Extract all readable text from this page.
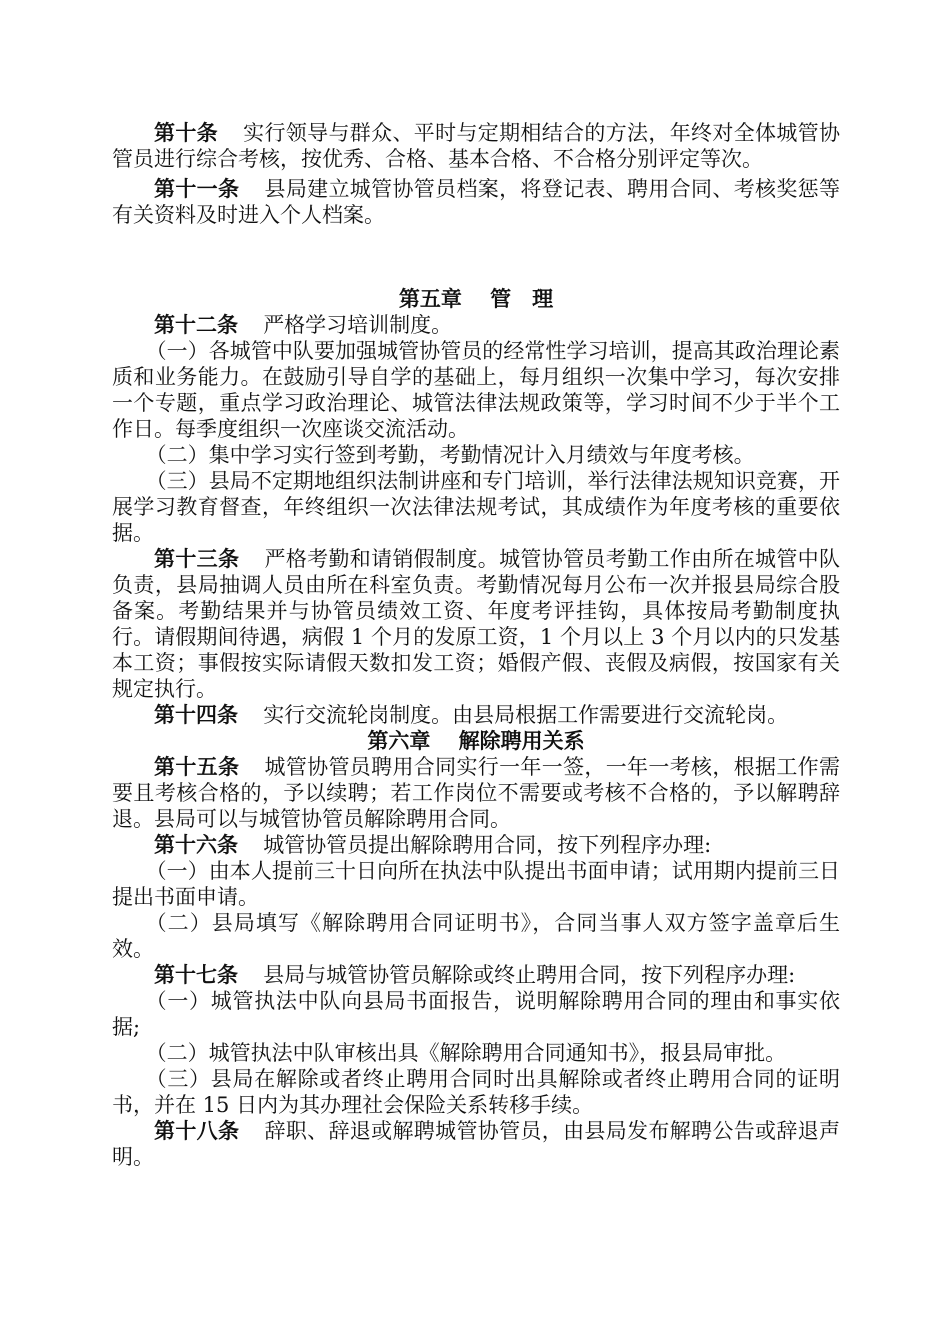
第十条 实行领导与群众、平时与定期相结合的方法，年终对全体城管协管员进行综合考核，按优秀、合格、基本合格、不合格分别评定等次。

第十一条 县局建立城管协管员档案，将登记表、聘用合同、考核奖惩等有关资料及时进入个人档案。

第五章　 管　理

第十二条 严格学习培训制度。

（一）各城管中队要加强城管协管员的经常性学习培训，提高其政治理论素质和业务能力。在鼓励引导自学的基础上，每月组织一次集中学习，每次安排一个专题，重点学习政治理论、城管法律法规政策等，学习时间不少于半个工作日。每季度组织一次座谈交流活动。

（二）集中学习实行签到考勤，考勤情况计入月绩效与年度考核。

（三）县局不定期地组织法制讲座和专门培训，举行法律法规知识竞赛，开展学习教育督查，年终组织一次法律法规考试，其成绩作为年度考核的重要依据。

第十三条 严格考勤和请销假制度。城管协管员考勤工作由所在城管中队负责，县局抽调人员由所在科室负责。考勤情况每月公布一次并报县局综合股备案。考勤结果并与协管员绩效工资、年度考评挂钩，具体按局考勤制度执行。请假期间待遇，病假 1 个月的发原工资，1 个月以上 3 个月以内的只发基本工资；事假按实际请假天数扣发工资；婚假产假、丧假及病假，按国家有关规定执行。

第十四条 实行交流轮岗制度。由县局根据工作需要进行交流轮岗。

第六章　 解除聘用关系

第十五条 城管协管员聘用合同实行一年一签，一年一考核，根据工作需要且考核合格的，予以续聘；若工作岗位不需要或考核不合格的，予以解聘辞退。县局可以与城管协管员解除聘用合同。

第十六条 城管协管员提出解除聘用合同，按下列程序办理:

（一）由本人提前三十日向所在执法中队提出书面申请；试用期内提前三日提出书面申请。

（二）县局填写《解除聘用合同证明书》，合同当事人双方签字盖章后生效。

第十七条 县局与城管协管员解除或终止聘用合同，按下列程序办理:

（一）城管执法中队向县局书面报告，说明解除聘用合同的理由和事实依据;

（二）城管执法中队审核出具《解除聘用合同通知书》，报县局审批。

（三）县局在解除或者终止聘用合同时出具解除或者终止聘用合同的证明书，并在 15 日内为其办理社会保险关系转移手续。

第十八条 辞职、辞退或解聘城管协管员，由县局发布解聘公告或辞退声明。
